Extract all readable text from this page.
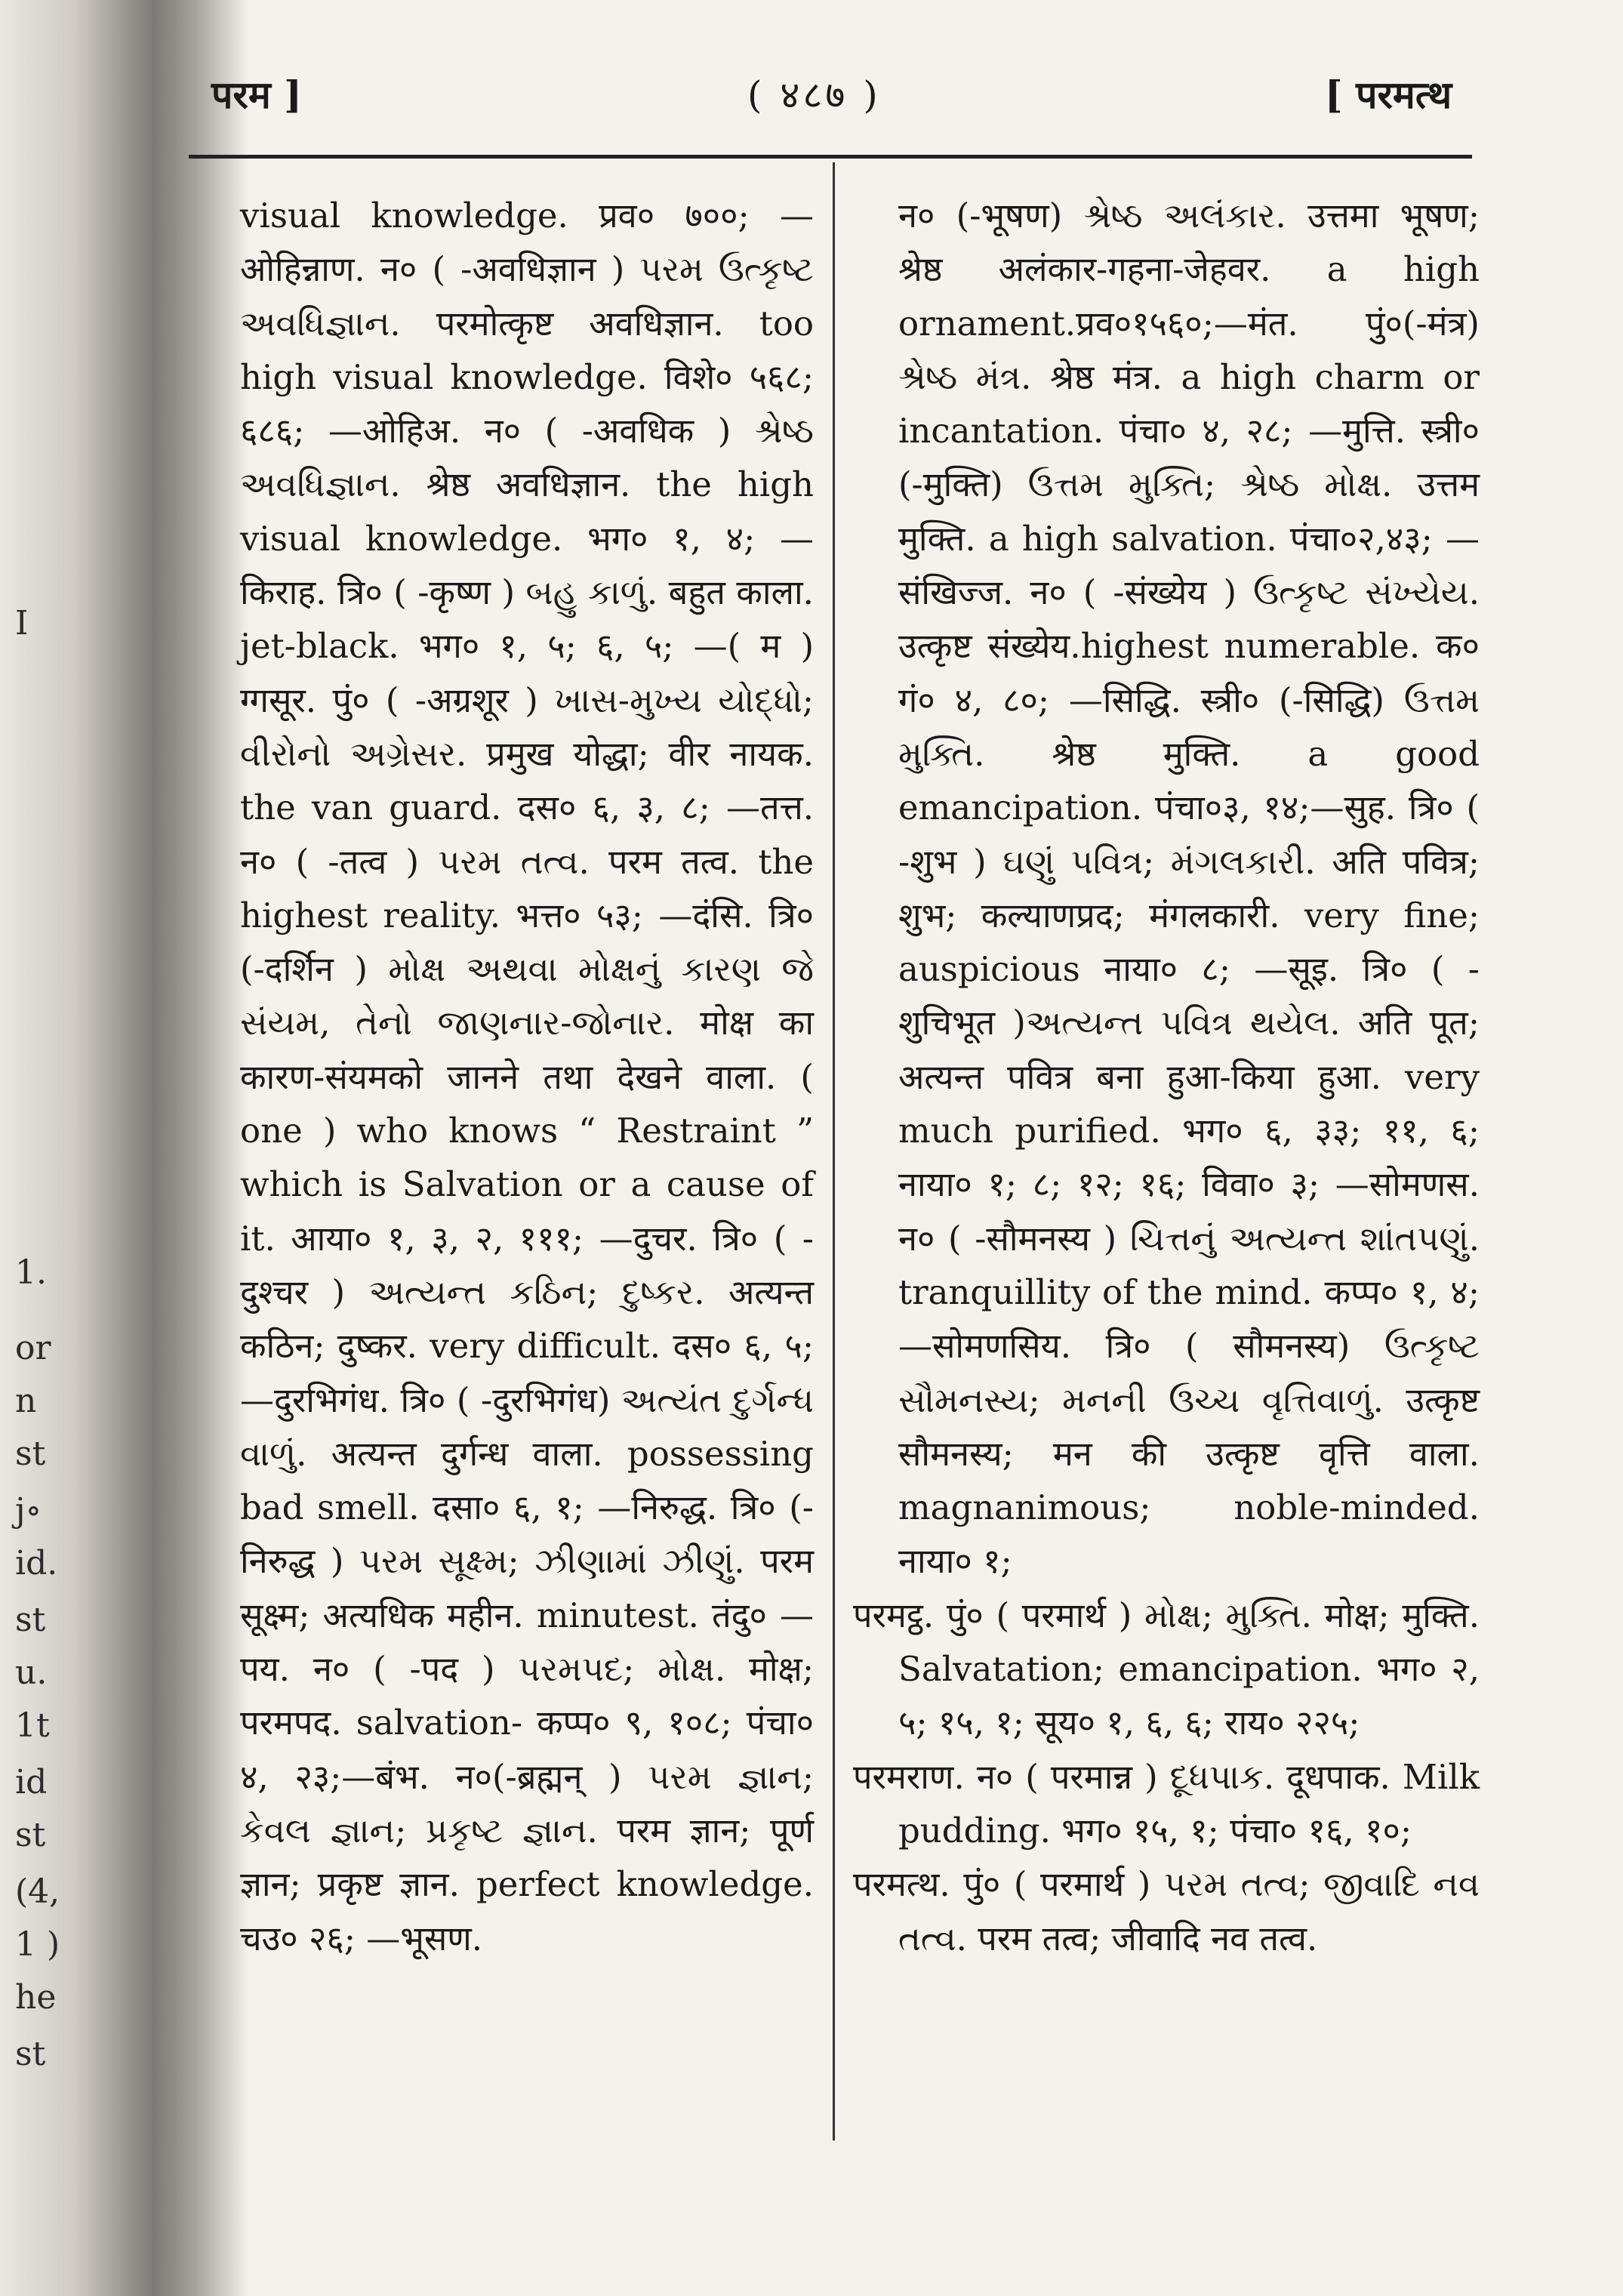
I
1.
or
n
st
j∘
id.
st
u.
1t
id
st
(4,
1 )
he
st
परम ]	( ४८७ )	[ परमत्थ

visual knowledge. प्रव० ७००; —ओहिन्नाण. न० ( -अवधिज्ञान ) પરમ ઉત્કૃષ્ટ અવધિજ્ઞાન. परमोत्कृष्ट अवधिज्ञान. too high visual knowledge. विशे० ५६८; ६८६; —ओहिअ. न० ( -अवधिक ) શ્રેષ્ઠ અવધિજ્ઞાન. श्रेष्ठ अवधिज्ञान. the high visual knowledge. भग० १, ४; —किराह. त्रि० ( -कृष्ण ) બહુ કાળું. बहुत काला. jet-black. भग० १, ५; ६, ५; —( म ) ग्गसूर. पुं० ( -अग्रशूर ) ખાસ-મુખ્ય યોદ્ધો; વીરોનો અગ્રેસર. प्रमुख योद्धा; वीर नायक. the van guard. दस० ६, ३, ८; —तत्त. न० ( -तत्व ) પરમ તત્વ. परम तत्व. the highest reality. भत्त० ५३; —दंसि. त्रि० (-दर्शिन ) મોક્ષ અથવા મોક્ષનું કારણ જે સંયમ, તેનો જાણનાર-જોનાર. मोक्ष का कारण-संयमको जानने तथा देखने वाला. ( one ) who knows “ Restraint ” which is Salvation or a cause of it. आया० १, ३, २, १११; —दुचर. त्रि० ( -दुश्चर ) અત્યન્ત કઠિન; દુષ્કર. अत्यन्त कठिन; दुष्कर. very difficult. दस० ६, ५; —दुरभिगंध. त्रि० ( -दुरभिगंध) અત્યંત દુર્ગન્ધ વાળું. अत्यन्त दुर्गन्ध वाला. possessing bad smell. दसा० ६, १; —निरुद्ध. त्रि० (-निरुद्ध ) પરમ સૂક્ષ્મ; ઝીણામાં ઝીણું. परम सूक्ष्म; अत्यधिक महीन. minutest. तंदु० —पय. न० ( -पद ) પરમપદ; મોક્ષ. मोक्ष; परमपद. salvation- कप्प० ९, १०८; पंचा० ४, २३;—बंभ. न०(-ब्रह्मन् ) પરમ જ્ઞાન; કેવલ જ્ઞાન; પ્રકૃષ્ટ જ્ઞાન. परम ज्ञान; पूर्ण ज्ञान; प्रकृष्ट ज्ञान. perfect knowledge. चउ० २६; —भूसण.

न० (-भूषण) શ્રેષ્ઠ અલંકાર. उत्तमा भूषण; श्रेष्ठ अलंकार-गहना-जेहवर. a high ornament.प्रव०१५६०;—मंत. पुं०(-मंत्र) શ્રેષ્ઠ મંત્ર. श्रेष्ठ मंत्र. a high charm or incantation. पंचा० ४, २८; —मुत्ति. स्त्री० (-मुक्ति) ઉત્તમ મુક્તિ; શ્રેષ્ઠ મોક્ષ. उत्तम मुक्ति. a high salvation. पंचा०२,४३; —संखिज्ज. न० ( -संख्येय ) ઉત્કૃષ્ટ સંખ્યેય. उत्कृष्ट संख्येय.highest numerable. क० गं० ४, ८०; —सिद्धि. स्त्री० (-सिद्धि) ઉત્તમ મુક્તિ. श्रेष्ठ मुक्ति. a good emancipation. पंचा०३, १४;—सुह. त्रि० ( -शुभ ) ઘણું પવિત્ર; મંગલકારી. अति पवित्र; शुभ; कल्याणप्रद; मंगलकारी. very fine; auspicious नाया० ८; —सूइ. त्रि० ( -शुचिभूत )અત્યન્ત પવિત્ર થયેલ. अति पूत; अत्यन्त पवित्र बना हुआ-किया हुआ. very much purified. भग० ६, ३३; ११, ६; नाया० १; ८; १२; १६; विवा० ३; —सोमणस. न० ( -सौमनस्य ) ચિત્તનું અત્યન્ત શાંતપણું. tranquillity of the mind. कप्प० १, ४; —सोमणसिय. त्रि० ( सौमनस्य) ઉત્કૃષ્ટ સૌમનસ્ય; મનની ઉચ્ચ વૃત્તિવાળું. उत्कृष्ट सौमनस्य; मन की उत्कृष्ट वृत्ति वाला. magnanimous; noble-minded. नाया० १;

परमट्ठ. पुं० ( परमार्थ ) મોક્ષ; મુક્તિ. मोक्ष; मुक्ति. Salvatation; emancipation. भग० २, ५; १५, १; सूय० १, ६, ६; राय० २२५;

परमराण. न० ( परमान्न ) દૂધપાક. दूधपाक. Milk pudding. भग० १५, १; पंचा० १६, १०;

परमत्थ. पुं० ( परमार्थ ) પરમ તત્વ; જીવાદિ નવ તત્વ. परम तत्व; जीवादि नव तत्व.
